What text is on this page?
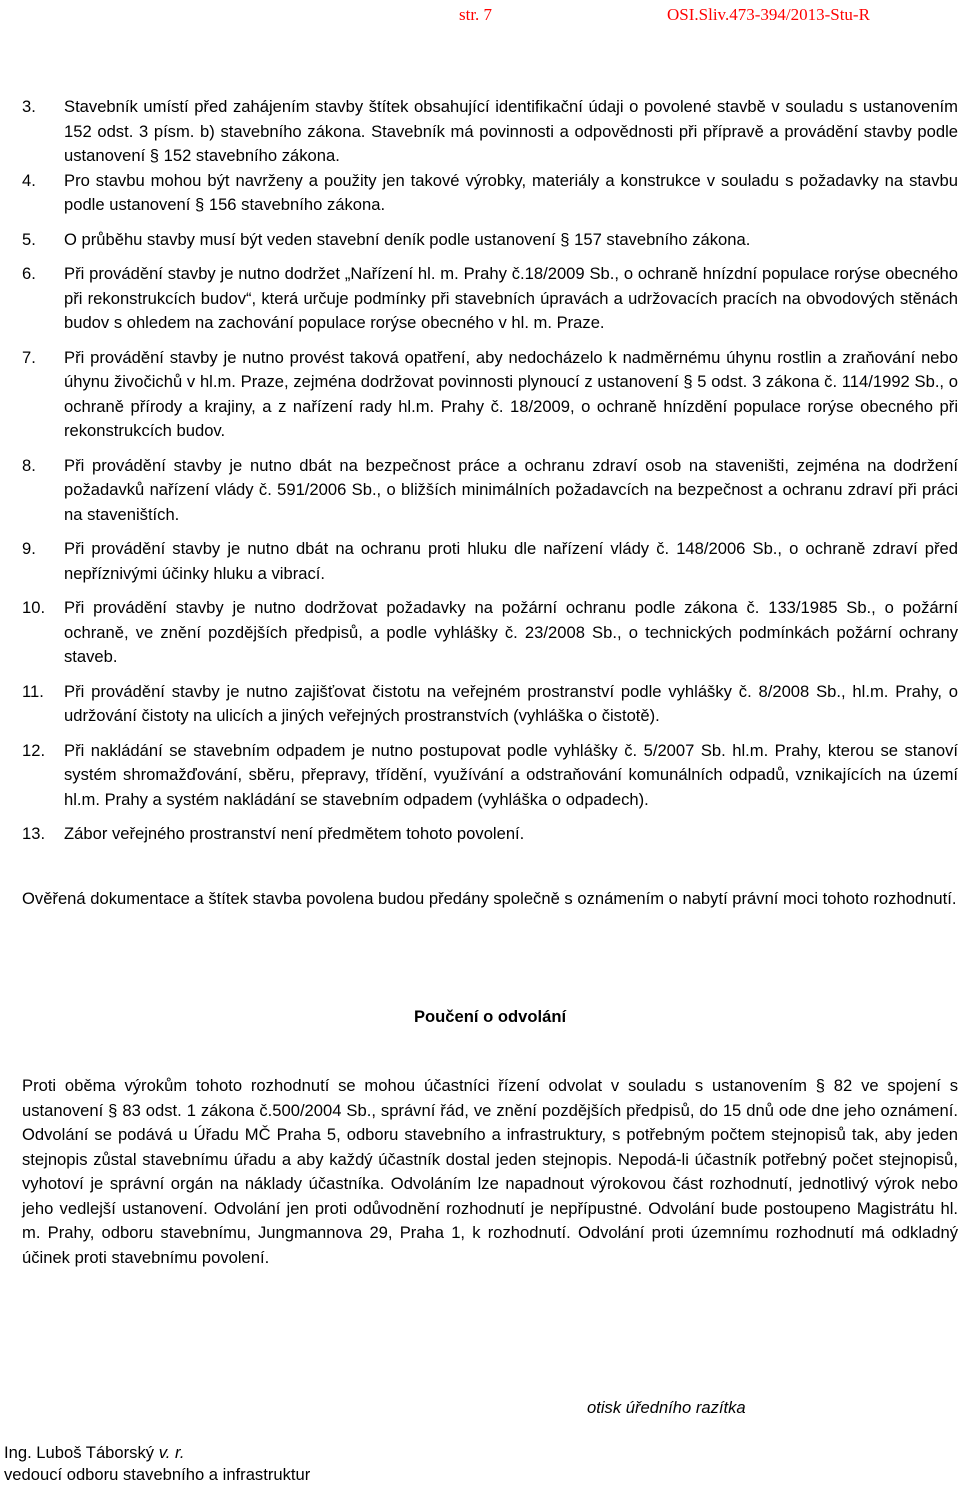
str. 7	OSI.Sliv.473-394/2013-Stu-R
3.	Stavebník umístí před zahájením stavby štítek obsahující identifikační údaji o povolené stavbě v souladu s ustanovením 152 odst. 3 písm. b) stavebního zákona. Stavebník má povinnosti a odpovědnosti při přípravě a provádění stavby podle ustanovení § 152 stavebního zákona.
4.	Pro stavbu mohou být navrženy a použity jen takové výrobky, materiály a konstrukce v souladu s požadavky na stavbu podle ustanovení § 156 stavebního zákona.
5.	O průběhu stavby musí být veden stavební deník podle ustanovení § 157 stavebního zákona.
6.	Při provádění stavby je nutno dodržet „Nařízení hl. m. Prahy č.18/2009 Sb., o ochraně hnízdní populace rorýse obecného při rekonstrukcích budov“, která určuje podmínky při stavebních úpravách a udržovacích pracích na obvodových stěnách budov s ohledem na zachování populace rorýse obecného v hl. m. Praze.
7.	Při provádění stavby je nutno provést taková opatření, aby nedocházelo k nadměrnému úhynu rostlin a zraňování nebo úhynu živočichů v hl.m. Praze, zejména dodržovat povinnosti plynoucí z ustanovení § 5 odst. 3 zákona č. 114/1992 Sb., o ochraně přírody a krajiny, a z nařízení rady hl.m. Prahy č. 18/2009, o ochraně hnízdění populace rorýse obecného při rekonstrukcích budov.
8.	Při provádění stavby je nutno dbát na bezpečnost práce a ochranu zdraví osob na staveništi, zejména na dodržení požadavků nařízení vlády č. 591/2006 Sb., o bližších minimálních požadavcích na bezpečnost a ochranu zdraví při práci na staveništích.
9.	Při provádění stavby je nutno dbát na ochranu proti hluku dle nařízení vlády č. 148/2006 Sb., o ochraně zdraví před nepříznivými účinky hluku a vibrací.
10.	Při provádění stavby je nutno dodržovat požadavky na požární ochranu podle zákona č. 133/1985 Sb., o požární ochraně, ve znění pozdějších předpisů, a podle vyhlášky č. 23/2008 Sb., o technických podmínkách požární ochrany staveb.
11.	Při provádění stavby je nutno zajišťovat čistotu na veřejném prostranství podle vyhlášky č. 8/2008 Sb., hl.m. Prahy, o udržování čistoty na ulicích a jiných veřejných prostranstvích (vyhláška o čistotě).
12.	Při nakládání se stavebním odpadem je nutno postupovat podle vyhlášky č. 5/2007 Sb. hl.m. Prahy, kterou se stanoví systém shromažďování, sběru, přepravy, třídění, využívání a odstraňování komunálních odpadů, vznikajících na území hl.m. Prahy a systém nakládání se stavebním odpadem (vyhláška o odpadech).
13.	Zábor veřejného prostranství není předmětem tohoto povolení.
Ověřená dokumentace a štítek stavba povolena budou předány společně s oznámením o nabytí právní moci tohoto rozhodnutí.
Poučení o odvolání
Proti oběma výrokům tohoto rozhodnutí se mohou účastníci řízení odvolat v souladu s ustanovením § 82 ve spojení s ustanovení § 83 odst. 1 zákona č.500/2004 Sb., správní řád, ve znění pozdějších předpisů, do 15 dnů ode dne jeho oznámení. Odvolání se podává u Úřadu MČ Praha 5, odboru stavebního a infrastruktury, s potřebným počtem stejnopisů tak, aby jeden stejnopis zůstal stavebnímu úřadu a aby každý účastník dostal jeden stejnopis. Nepodá-li účastník potřebný počet stejnopisů, vyhotoví je správní orgán na náklady účastníka. Odvoláním lze napadnout výrokovou část rozhodnutí, jednotlivý výrok nebo jeho vedlejší ustanovení. Odvolání jen proti odůvodnění rozhodnutí je nepřípustné. Odvolání bude postoupeno Magistrátu hl. m. Prahy, odboru stavebnímu, Jungmannova 29, Praha 1, k rozhodnutí. Odvolání proti územnímu rozhodnutí má odkladný účinek proti stavebnímu povolení.
otisk úředního razítka
Ing. Luboš Táborský v. r.
vedoucí odboru stavebního a infrastruktur
